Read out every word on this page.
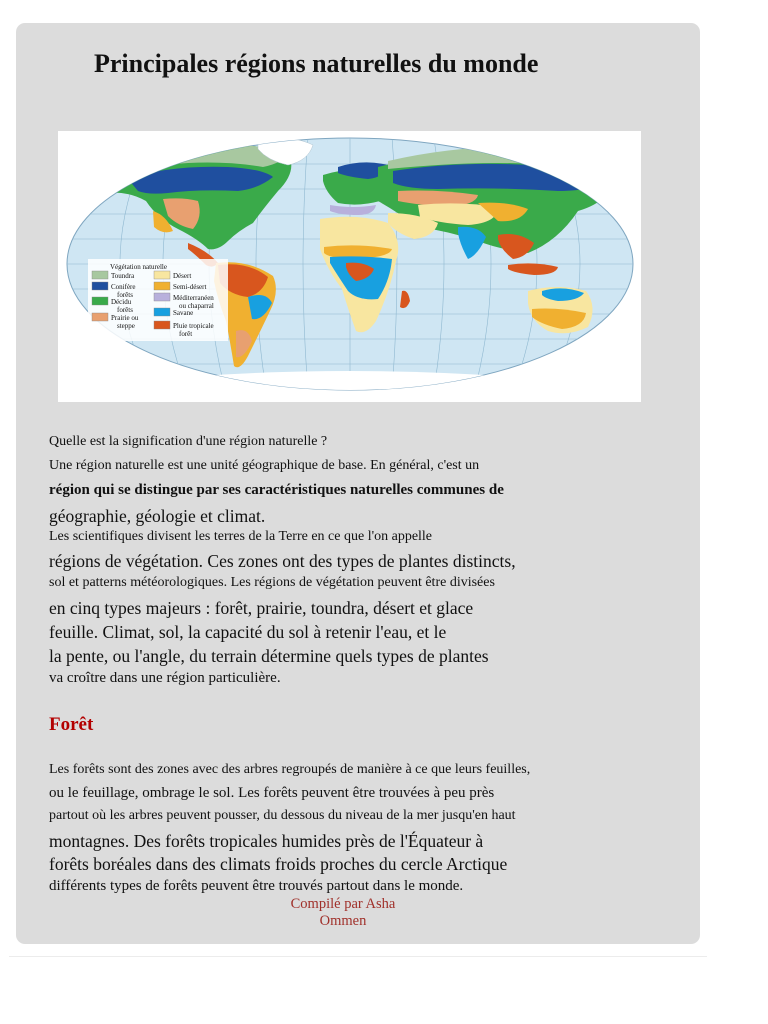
Principales régions naturelles du monde
Végétation naturelle
Toundra
Conifère
forêts
Décidu
forêts
Prairie ou
steppe
Désert
Semi-désert
Méditerranéen
ou chaparral
Savane
Pluie tropicale
forêt
Quelle est la signification d'une région naturelle ?
Une région naturelle est une unité géographique de base. En général, c'est un
région qui se distingue par ses caractéristiques naturelles communes de
géographie, géologie et climat.
Les scientifiques divisent les terres de la Terre en ce que l'on appelle
régions de végétation. Ces zones ont des types de plantes distincts,
sol et patterns météorologiques. Les régions de végétation peuvent être divisées
en cinq types majeurs : forêt, prairie, toundra, désert et glace
feuille. Climat, sol, la capacité du sol à retenir l'eau, et le
la pente, ou l'angle, du terrain détermine quels types de plantes
va croître dans une région particulière.
Forêt
Les forêts sont des zones avec des arbres regroupés de manière à ce que leurs feuilles,
ou le feuillage, ombrage le sol. Les forêts peuvent être trouvées à peu près
partout où les arbres peuvent pousser, du dessous du niveau de la mer jusqu'en haut
montagnes. Des forêts tropicales humides près de l'Équateur à
forêts boréales dans des climats froids proches du cercle Arctique
différents types de forêts peuvent être trouvés partout dans le monde.
Compilé par Asha
Ommen
